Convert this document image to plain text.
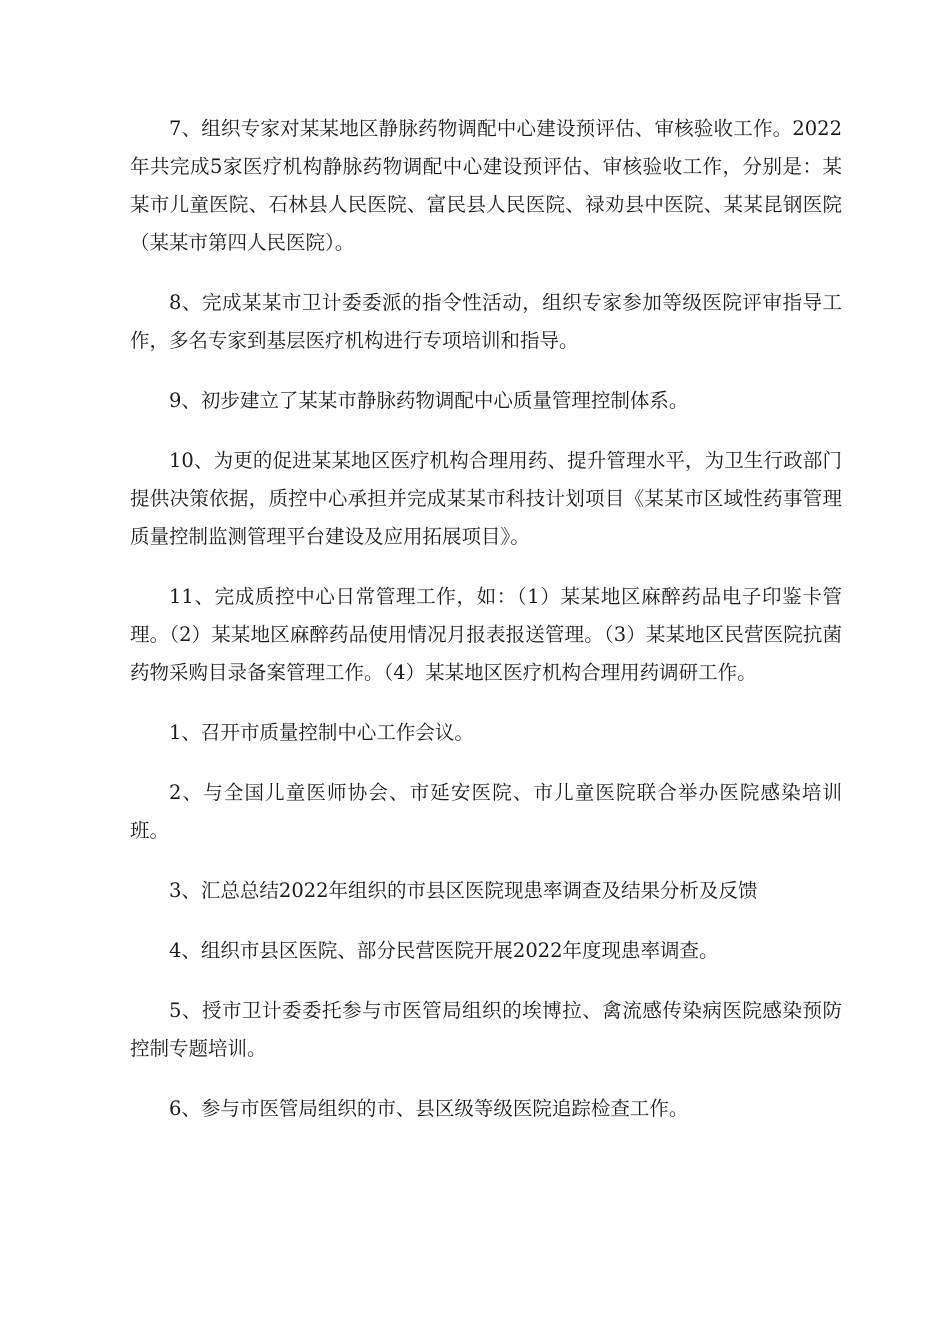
7、组织专家对某某地区静脉药物调配中心建设预评估、审核验收工作。2022年共完成5家医疗机构静脉药物调配中心建设预评估、审核验收工作，分别是：某某市儿童医院、石林县人民医院、富民县人民医院、禄劝县中医院、某某昆钢医院（某某市第四人民医院）。

8、完成某某市卫计委委派的指令性活动，组织专家参加等级医院评审指导工作，多名专家到基层医疗机构进行专项培训和指导。

9、初步建立了某某市静脉药物调配中心质量管理控制体系。

10、为更的促进某某地区医疗机构合理用药、提升管理水平，为卫生行政部门提供决策依据，质控中心承担并完成某某市科技计划项目《某某市区域性药事管理质量控制监测管理平台建设及应用拓展项目》。

11、完成质控中心日常管理工作，如：（1）某某地区麻醉药品电子印鉴卡管理。（2）某某地区麻醉药品使用情况月报表报送管理。（3）某某地区民营医院抗菌药物采购目录备案管理工作。（4）某某地区医疗机构合理用药调研工作。

1、召开市质量控制中心工作会议。

2、与全国儿童医师协会、市延安医院、市儿童医院联合举办医院感染培训班。

3、汇总总结2022年组织的市县区医院现患率调查及结果分析及反馈

4、组织市县区医院、部分民营医院开展2022年度现患率调查。

5、授市卫计委委托参与市医管局组织的埃博拉、禽流感传染病医院感染预防控制专题培训。

6、参与市医管局组织的市、县区级等级医院追踪检查工作。
